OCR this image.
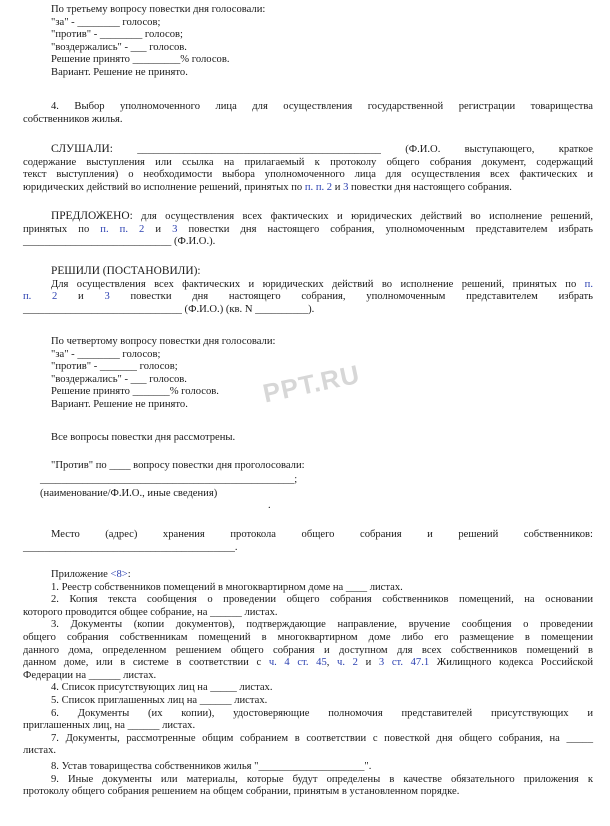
PPT.RU

По третьему вопросу повестки дня голосовали:

"за" - ________ голосов;

"против" - ________ голосов;

"воздержались" - ___ голосов.

Решение принято _________% голосов.

Вариант. Решение не принято.

4. Выбор уполномоченного лица для осуществления государственной регистрации товарищества

собственников жилья.

СЛУШАЛИ: ______________________________________________ (Ф.И.О. выступающего, краткое

содержание выступления или ссылка на прилагаемый к протоколу общего собрания документ, содержащий

текст выступления) о необходимости выбора уполномоченного лица для осуществления всех фактических и

юридических действий во исполнение решений, принятых по п. п. 2 и 3 повестки дня настоящего собрания.

ПРЕДЛОЖЕНО: для осуществления всех фактических и юридических действий во исполнение решений,

принятых по п. п. 2 и 3 повестки дня настоящего собрания, уполномоченным представителем избрать

____________________________ (Ф.И.О.).

РЕШИЛИ (ПОСТАНОВИЛИ):

Для осуществления всех фактических и юридических действий во исполнение решений, принятых по п.

п. 2 и 3 повестки дня настоящего собрания, уполномоченным представителем избрать

______________________________ (Ф.И.О.) (кв. N __________).

По четвертому вопросу повестки дня голосовали:

"за" - ________ голосов;

"против" - _______ голосов;

"воздержались" - ___ голосов.

Решение принято _______% голосов.

Вариант. Решение не принято.

Все вопросы повестки дня рассмотрены.

"Против" по ____ вопросу повестки дня проголосовали:

________________________________________________;

(наименование/Ф.И.О., иные сведения)

.

Место (адрес) хранения протокола общего собрания и решений собственников:

________________________________________.

Приложение <8>:

1. Реестр собственников помещений в многоквартирном доме на ____ листах.

2. Копия текста сообщения о проведении общего собрания собственников помещений, на основании

которого проводится общее собрание, на ______ листах.

3. Документы (копии документов), подтверждающие направление, вручение сообщения о проведении

общего собрания собственникам помещений в многоквартирном доме либо его размещение в помещении

данного дома, определенном решением общего собрания и доступном для всех собственников помещений в

данном доме, или в системе в соответствии с ч. 4 ст. 45, ч. 2 и 3 ст. 47.1 Жилищного кодекса Российской

Федерации на ______ листах.

4. Список присутствующих лиц на _____ листах.

5. Список приглашенных лиц на ______ листах.

6. Документы (их копии), удостоверяющие полномочия представителей присутствующих и

приглашенных лиц, на ______ листах.

7. Документы, рассмотренные общим собранием в соответствии с повесткой дня общего собрания, на _____

листах.

8. Устав товарищества собственников жилья "____________________".

9. Иные документы или материалы, которые будут определены в качестве обязательного приложения к

протоколу общего собрания решением на общем собрании, принятым в установленном порядке.
